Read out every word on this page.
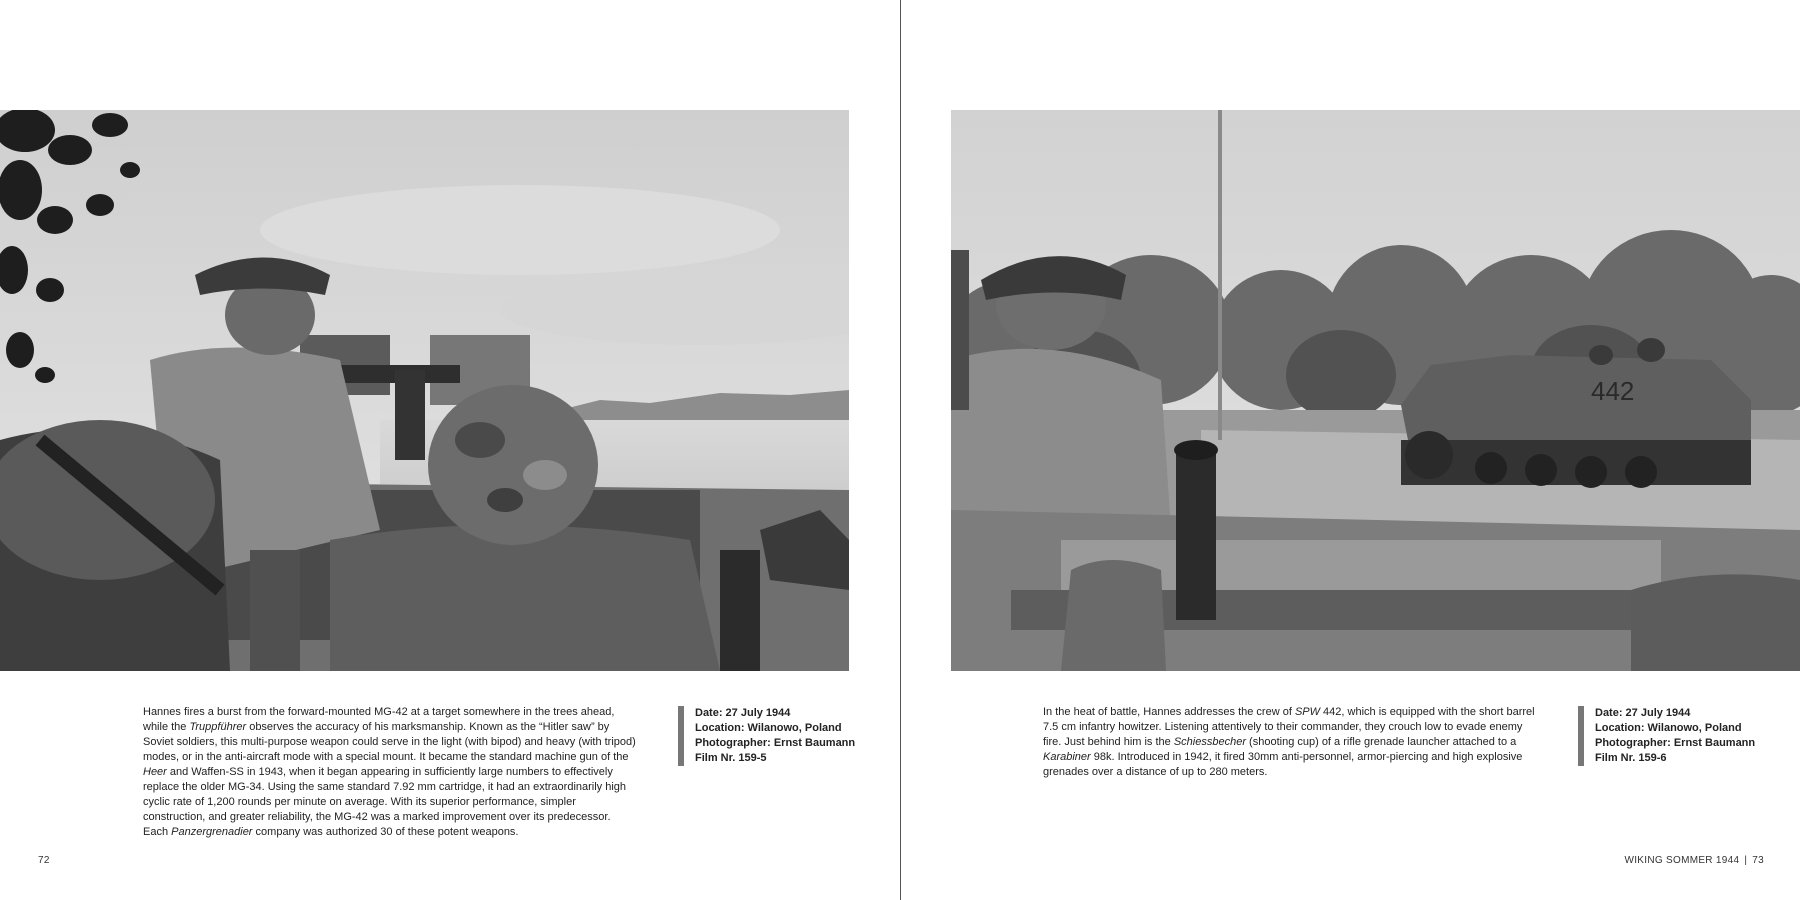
Hannes fires a burst from the forward-mounted MG-42 at a target somewhere in the trees ahead, while the Truppführer observes the accuracy of his marksmanship. Known as the “Hitler saw” by Soviet soldiers, this multi-purpose weapon could serve in the light (with bipod) and heavy (with tripod) modes, or in the anti-aircraft mode with a special mount. It became the standard machine gun of the Heer and Waffen-SS in 1943, when it began appearing in sufficiently large numbers to effectively replace the older MG-34. Using the same standard 7.92 mm cartridge, it had an extraordinarily high cyclic rate of 1,200 rounds per minute on average. With its superior performance, simpler construction, and greater reliability, the MG-42 was a marked improvement over its predecessor. Each Panzergrenadier company was authorized 30 of these potent weapons.

Date: 27 July 1944
Location: Wilanowo, Poland
Photographer: Ernst Baumann
Film Nr. 159-5
72
442

In the heat of battle, Hannes addresses the crew of SPW 442, which is equipped with the short barrel 7.5 cm infantry howitzer. Listening attentively to their commander, they crouch low to evade enemy fire. Just behind him is the Schiessbecher (shooting cup) of a rifle grenade launcher attached to a Karabiner 98k. Introduced in 1942, it fired 30mm anti-personnel, armor-piercing and high explosive grenades over a distance of up to 280 meters.

Date: 27 July 1944
Location: Wilanowo, Poland
Photographer: Ernst Baumann
Film Nr. 159-6
WIKING SOMMER 1944 | 73
